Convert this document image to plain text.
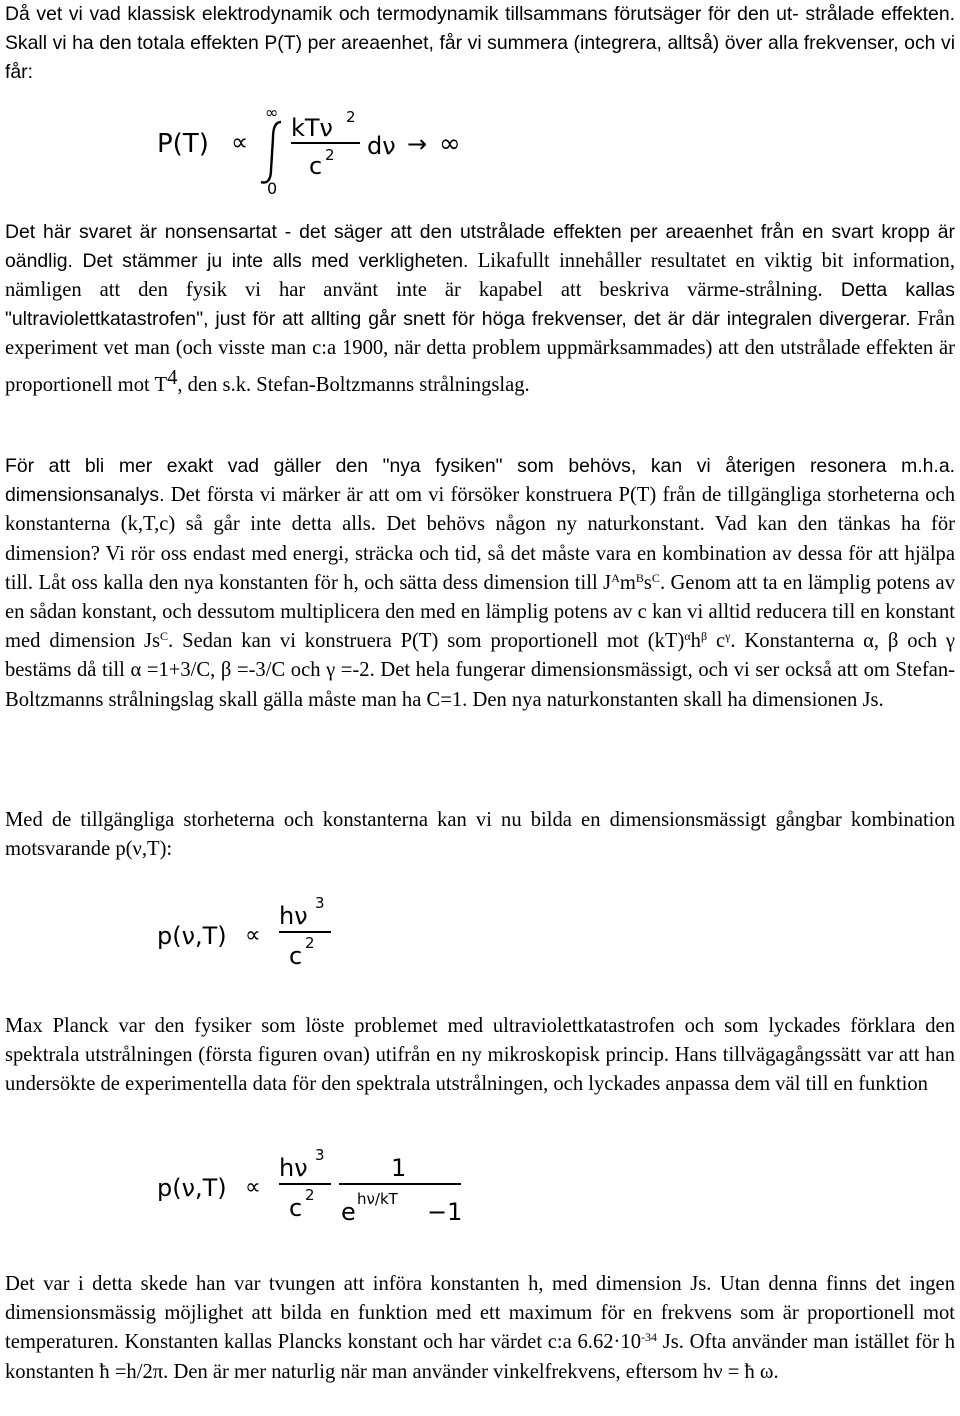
Då vet vi vad klassisk elektrodynamik och termodynamik tillsammans förutsäger för den ut- strålade effekten. Skall vi ha den totala effekten P(T) per areaenhet, får vi summera (integrera, alltså) över alla frekvenser, och vi får:

P(T) ∝
∞
0
kTν 2
c 2 dν → ∞

Det här svaret är nonsensartat - det säger att den utstrålade effekten per areaenhet från en svart kropp är oändlig. Det stämmer ju inte alls med verkligheten. Likafullt innehåller resultatet en viktig bit information, nämligen att den fysik vi har använt inte är kapabel att beskriva värme-strålning. Detta kallas "ultraviolettkatastrofen", just för att allting går snett för höga frekvenser, det är där integralen divergerar. Från experiment vet man (och visste man c:a 1900, när detta problem uppmärksammades) att den utstrålade effekten är proportionell mot $T^4$, den s.k. Stefan-Boltzmanns strålningslag.

För att bli mer exakt vad gäller den "nya fysiken" som behövs, kan vi återigen resonera m.h.a. dimensionsanalys. Det första vi märker är att om vi försöker konstruera P(T) från de tillgängliga storheterna och konstanterna (k,T,c) så går inte detta alls. Det behövs någon ny naturkonstant. Vad kan den tänkas ha för dimension? Vi rör oss endast med energi, sträcka och tid, så det måste vara en kombination av dessa för att hjälpa till. Låt oss kalla den nya konstanten för h, och sätta dess dimension till $J^Am^Bs^C$. Genom att ta en lämplig potens av en sådan konstant, och dessutom multiplicera den med en lämplig potens av c kan vi alltid reducera till en konstant med dimension $Js^C$. Sedan kan vi konstruera P(T) som proportionell mot $(kT)^\alpha h^\beta$ $c^\gamma$. Konstanterna α, β och γ bestäms då till α =1+3/C, β =-3/C och γ =-2. Det hela fungerar dimensionsmässigt, och vi ser också att om Stefan-Boltzmanns strålningslag skall gälla måste man ha C=1. Den nya naturkonstanten skall ha dimensionen Js.

Med de tillgängliga storheterna och konstanterna kan vi nu bilda en dimensionsmässigt gångbar kombination motsvarande p(ν,T):

p(ν,T) ∝
hν 3
c 2

Max Planck var den fysiker som löste problemet med ultraviolettkatastrofen och som lyckades förklara den spektrala utstrålningen (första figuren ovan) utifrån en ny mikroskopisk princip. Hans tillvägagångssätt var att han undersökte de experimentella data för den spektrala utstrålningen, och lyckades anpassa dem väl till en funktion

p(ν,T) ∝
hν 3
c 2
1
e hν/kT −1

Det var i detta skede han var tvungen att införa konstanten h, med dimension Js. Utan denna finns det ingen dimensionsmässig möjlighet att bilda en funktion med ett maximum för en frekvens som är proportionell mot temperaturen. Konstanten kallas Plancks konstant och har värdet c:a $6.62\cdot 10^{-34}$ Js. Ofta använder man istället för h konstanten ħ =h/2π. Den är mer naturlig när man använder vinkelfrekvens, eftersom hν = ħ ω.
